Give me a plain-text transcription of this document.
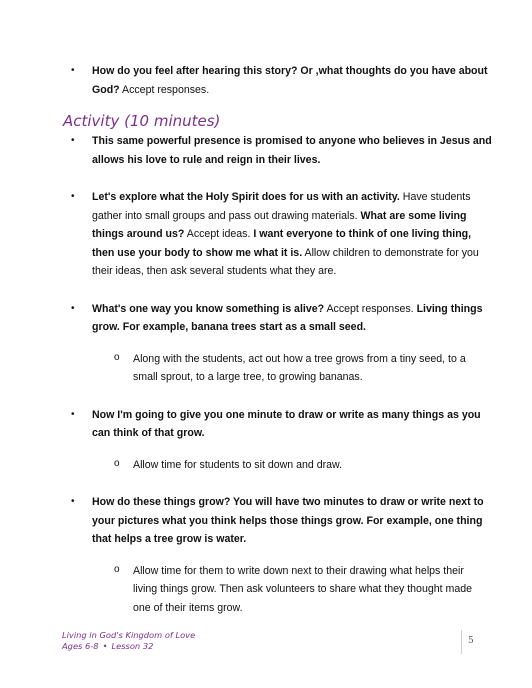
• How do you feel after hearing this story? Or ,what thoughts do you have about God? Accept responses.
Activity (10 minutes)
• This same powerful presence is promised to anyone who believes in Jesus and allows his love to rule and reign in their lives.
• Let's explore what the Holy Spirit does for us with an activity. Have students gather into small groups and pass out drawing materials. What are some living things around us? Accept ideas. I want everyone to think of one living thing, then use your body to show me what it is. Allow children to demonstrate for you their ideas, then ask several students what they are.
• What's one way you know something is alive? Accept responses. Living things grow. For example, banana trees start as a small seed.
o Along with the students, act out how a tree grows from a tiny seed, to a small sprout, to a large tree, to growing bananas.
• Now I'm going to give you one minute to draw or write as many things as you can think of that grow.
o Allow time for students to sit down and draw.
• How do these things grow? You will have two minutes to draw or write next to your pictures what you think helps those things grow. For example, one thing that helps a tree grow is water.
o Allow time for them to write down next to their drawing what helps their living things grow. Then ask volunteers to share what they thought made one of their items grow.
Living in God's Kingdom of Love
Ages 6-8 • Lesson 32	5
